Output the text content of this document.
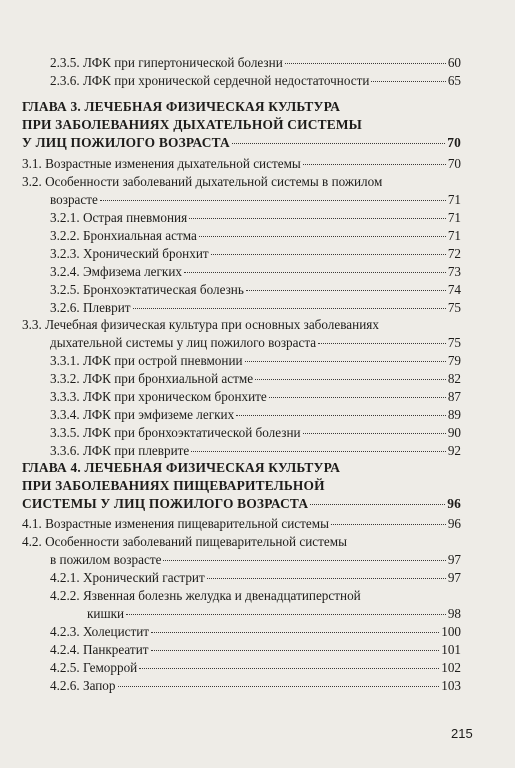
2.3.5. ЛФК при гипертонической болезни	60
2.3.6. ЛФК при хронической сердечной недостаточности	65
ГЛАВА 3. ЛЕЧЕБНАЯ ФИЗИЧЕСКАЯ КУЛЬТУРА
ПРИ ЗАБОЛЕВАНИЯХ ДЫХАТЕЛЬНОЙ СИСТЕМЫ
У ЛИЦ ПОЖИЛОГО ВОЗРАСТА	70
3.1. Возрастные изменения дыхательной системы	70
3.2. Особенности заболеваний дыхательной системы в пожилом
возрасте	71
3.2.1. Острая пневмония	71
3.2.2. Бронхиальная астма	71
3.2.3. Хронический бронхит	72
3.2.4. Эмфизема легких	73
3.2.5. Бронхоэктатическая болезнь	74
3.2.6. Плеврит	75
3.3. Лечебная физическая культура при основных заболеваниях
дыхательной системы у лиц пожилого возраста	75
3.3.1. ЛФК при острой пневмонии	79
3.3.2. ЛФК при бронхиальной астме	82
3.3.3. ЛФК при хроническом бронхите	87
3.3.4. ЛФК при эмфиземе легких	89
3.3.5. ЛФК при бронхоэктатической болезни	90
3.3.6. ЛФК при плеврите	92
ГЛАВА 4. ЛЕЧЕБНАЯ ФИЗИЧЕСКАЯ КУЛЬТУРА
ПРИ ЗАБОЛЕВАНИЯХ ПИЩЕВАРИТЕЛЬНОЙ
СИСТЕМЫ У ЛИЦ ПОЖИЛОГО ВОЗРАСТА	96
4.1. Возрастные изменения пищеварительной системы	96
4.2. Особенности заболеваний пищеварительной системы
в пожилом возрасте	97
4.2.1. Хронический гастрит	97
4.2.2. Язвенная болезнь желудка и двенадцатиперстной
кишки	98
4.2.3. Холецистит	100
4.2.4. Панкреатит	101
4.2.5. Геморрой	102
4.2.6. Запор	103
215
